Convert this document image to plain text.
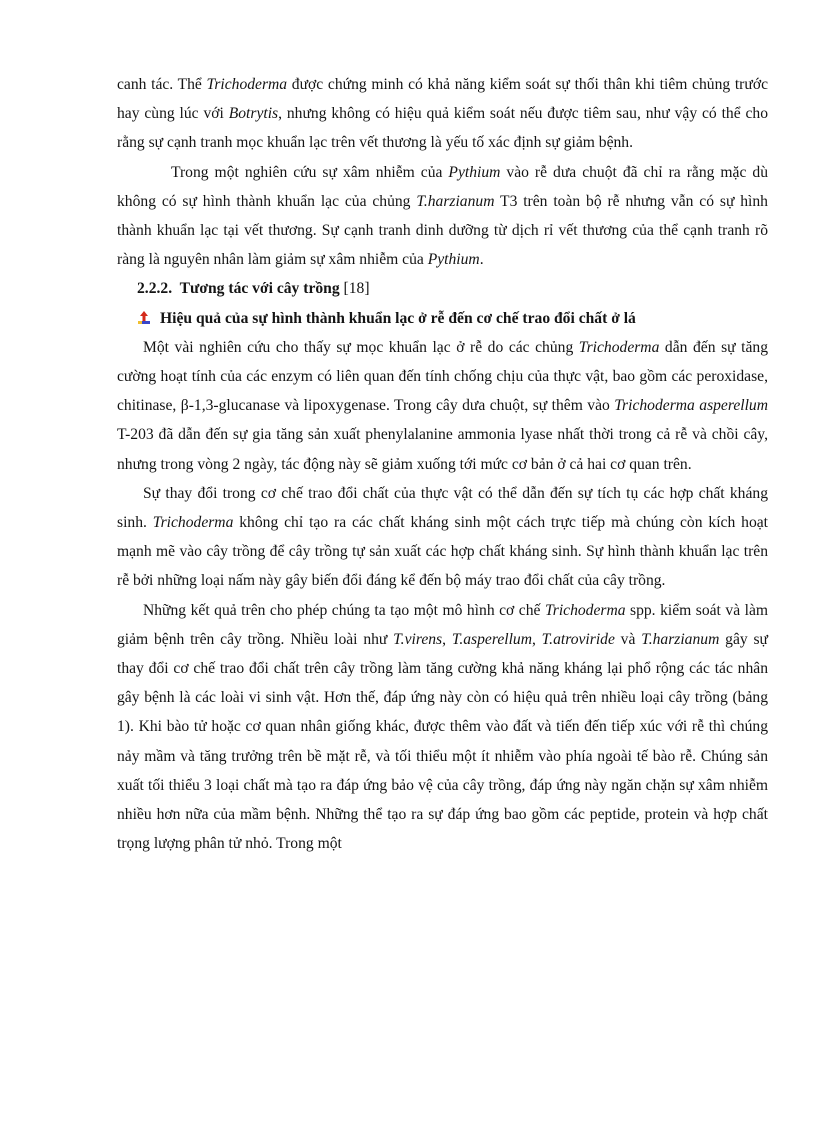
canh tác. Thể Trichoderma được chứng minh có khả năng kiểm soát sự thối thân khi tiêm chủng trước hay cùng lúc với Botrytis, nhưng không có hiệu quả kiểm soát nếu được tiêm sau, như vậy có thể cho rằng sự cạnh tranh mọc khuẩn lạc trên vết thương là yếu tố xác định sự giảm bệnh.

Trong một nghiên cứu sự xâm nhiễm của Pythium vào rễ dưa chuột đã chỉ ra rằng mặc dù không có sự hình thành khuẩn lạc của chủng T.harzianum T3 trên toàn bộ rễ nhưng vẫn có sự hình thành khuẩn lạc tại vết thương. Sự cạnh tranh dinh dưỡng từ dịch rỉ vết thương của thể cạnh tranh rõ ràng là nguyên nhân làm giảm sự xâm nhiễm của Pythium.

2.2.2. Tương tác với cây trồng [18]

Hiệu quả của sự hình thành khuẩn lạc ở rễ đến cơ chế trao đổi chất ở lá

Một vài nghiên cứu cho thấy sự mọc khuẩn lạc ở rễ do các chủng Trichoderma dẫn đến sự tăng cường hoạt tính của các enzym có liên quan đến tính chống chịu của thực vật, bao gồm các peroxidase, chitinase, β-1,3-glucanase và lipoxygenase. Trong cây dưa chuột, sự thêm vào Trichoderma asperellum T-203 đã dẫn đến sự gia tăng sản xuất phenylalanine ammonia lyase nhất thời trong cả rễ và chồi cây, nhưng trong vòng 2 ngày, tác động này sẽ giảm xuống tới mức cơ bản ở cả hai cơ quan trên.

Sự thay đổi trong cơ chế trao đổi chất của thực vật có thể dẫn đến sự tích tụ các hợp chất kháng sinh. Trichoderma không chỉ tạo ra các chất kháng sinh một cách trực tiếp mà chúng còn kích hoạt mạnh mẽ vào cây trồng để cây trồng tự sản xuất các hợp chất kháng sinh. Sự hình thành khuẩn lạc trên rễ bởi những loại nấm này gây biến đổi đáng kể đến bộ máy trao đổi chất của cây trồng.

Những kết quả trên cho phép chúng ta tạo một mô hình cơ chế Trichoderma spp. kiểm soát và làm giảm bệnh trên cây trồng. Nhiều loài như T.virens, T.asperellum, T.atroviride và T.harzianum gây sự thay đổi cơ chế trao đổi chất trên cây trồng làm tăng cường khả năng kháng lại phổ rộng các tác nhân gây bệnh là các loài vi sinh vật. Hơn thế, đáp ứng này còn có hiệu quả trên nhiều loại cây trồng (bảng 1). Khi bào tử hoặc cơ quan nhân giống khác, được thêm vào đất và tiến đến tiếp xúc với rễ thì chúng nảy mầm và tăng trưởng trên bề mặt rễ, và tối thiểu một ít nhiễm vào phía ngoài tế bào rễ. Chúng sản xuất tối thiểu 3 loại chất mà tạo ra đáp ứng bảo vệ của cây trồng, đáp ứng này ngăn chặn sự xâm nhiễm nhiều hơn nữa của mầm bệnh. Những thể tạo ra sự đáp ứng bao gồm các peptide, protein và hợp chất trọng lượng phân tử nhỏ. Trong một
